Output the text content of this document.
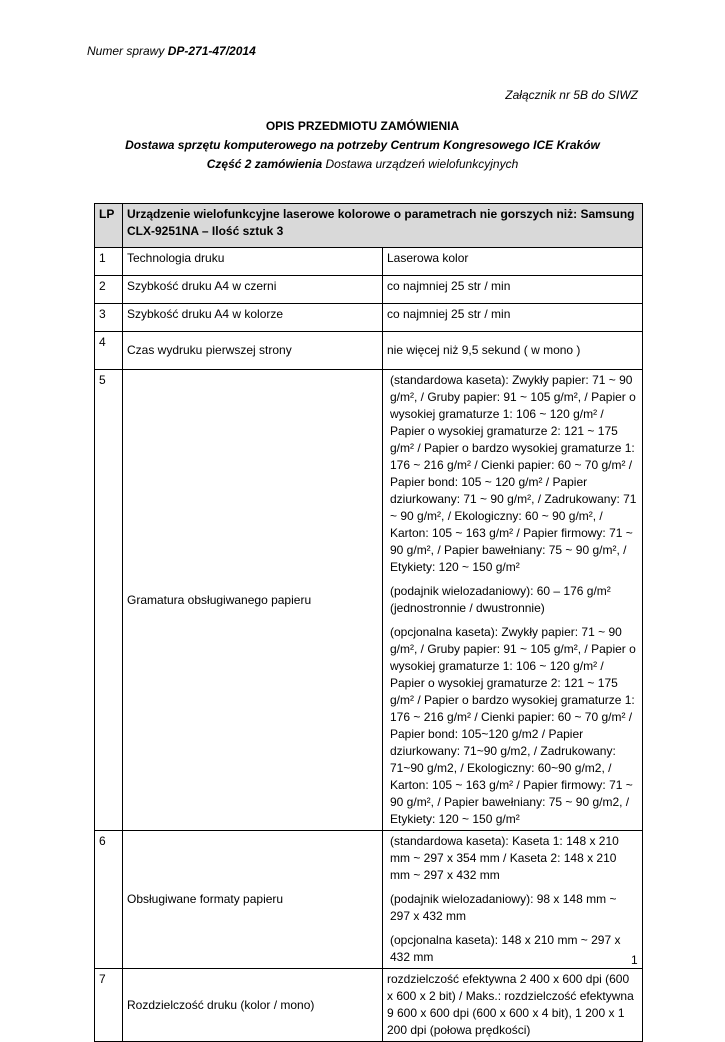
Numer sprawy DP-271-47/2014
Załącznik nr 5B do SIWZ
OPIS PRZEDMIOTU ZAMÓWIENIA
Dostawa sprzętu komputerowego na potrzeby Centrum Kongresowego ICE Kraków
Część 2 zamówienia Dostawa urządzeń wielofunkcyjnych
LP	Urządzenie wielofunkcyjne laserowe kolorowe o parametrach nie gorszych niż: Samsung CLX-9251NA – Ilość sztuk 3	
1	Technologia druku	Laserowa kolor
2	Szybkość druku A4 w czerni	co najmniej 25 str / min
3	Szybkość druku A4 w kolorze	co najmniej 25 str / min
4	Czas wydruku pierwszej strony	nie więcej niż 9,5 sekund ( w mono )
5	Gramatura obsługiwanego papieru	(standardowa kaseta): Zwykły papier: 71 ~ 90 g/m², / Gruby papier: 91 ~ 105 g/m², / Papier o wysokiej gramaturze 1: 106 ~ 120 g/m² / Papier o wysokiej gramaturze 2: 121 ~ 175 g/m² / Papier o bardzo wysokiej gramaturze 1: 176 ~ 216 g/m² / Cienki papier: 60 ~ 70 g/m² / Papier bond: 105 ~ 120 g/m² / Papier dziurkowany: 71 ~ 90 g/m², / Zadrukowany: 71 ~ 90 g/m², / Ekologiczny: 60 ~ 90 g/m², / Karton: 105 ~ 163 g/m² / Papier firmowy: 71 ~ 90 g/m², / Papier bawełniany: 75 ~ 90 g/m², / Etykiety: 120 ~ 150 g/m²
(podajnik wielozadaniowy): 60 – 176 g/m² (jednostronnie / dwustronnie)
(opcjonalna kaseta): Zwykły papier: 71 ~ 90 g/m², / Gruby papier: 91 ~ 105 g/m², / Papier o wysokiej gramaturze 1: 106 ~ 120 g/m² / Papier o wysokiej gramaturze 2: 121 ~ 175 g/m² / Papier o bardzo wysokiej gramaturze 1: 176 ~ 216 g/m² / Cienki papier: 60 ~ 70 g/m² / Papier bond: 105~120 g/m2 / Papier dziurkowany: 71~90 g/m2, / Zadrukowany: 71~90 g/m2, / Ekologiczny: 60~90 g/m2, / Karton: 105 ~ 163 g/m² / Papier firmowy: 71 ~ 90 g/m², / Papier bawełniany: 75 ~ 90 g/m2, / Etykiety: 120 ~ 150 g/m²

6	Obsługiwane formaty papieru	(standardowa kaseta): Kaseta 1: 148 x 210 mm ~ 297 x 354 mm / Kaseta 2: 148 x 210 mm ~ 297 x 432 mm
(podajnik wielozadaniowy): 98 x 148 mm ~ 297 x 432 mm
(opcjonalna kaseta): 148 x 210 mm ~ 297 x 432 mm

7	Rozdzielczość druku (kolor / mono)	rozdzielczość efektywna 2 400 x 600 dpi (600 x 600 x 2 bit) / Maks.: rozdzielczość efektywna 9 600 x 600 dpi (600 x 600 x 4 bit), 1 200 x 1 200 dpi (połowa prędkości)
1
